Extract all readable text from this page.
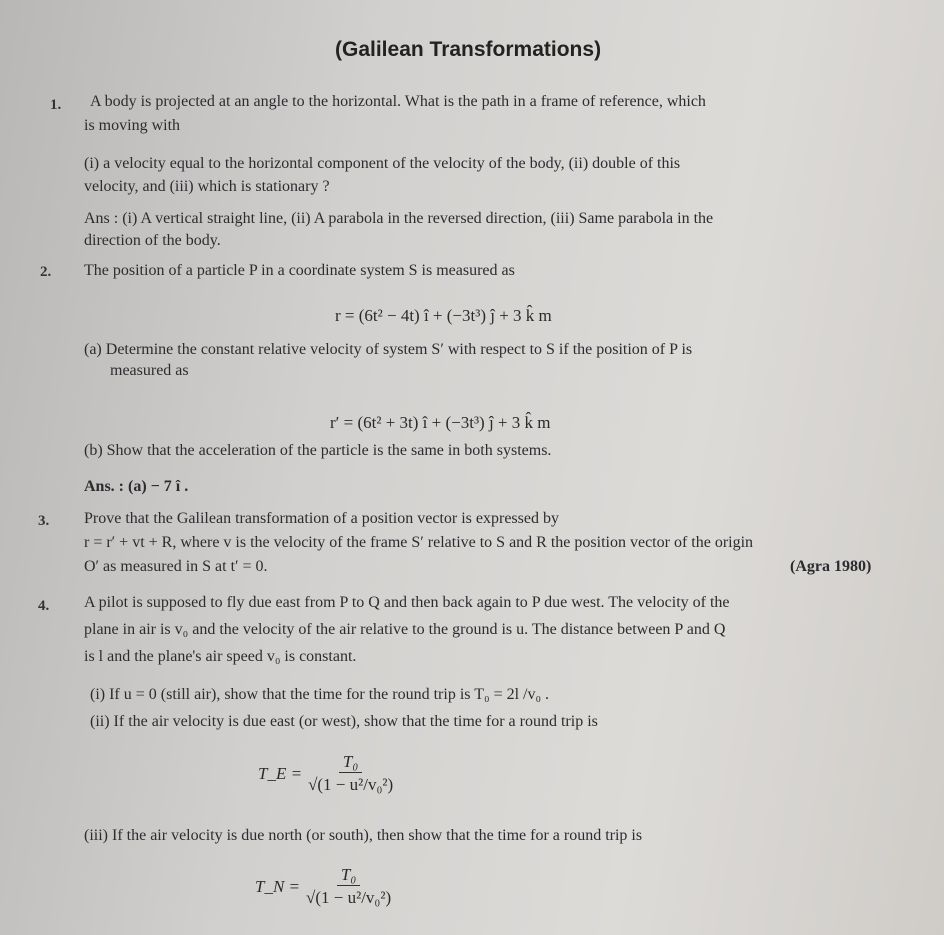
(Galilean Transformations)
1. A body is projected at an angle to the horizontal. What is the path in a frame of reference, which
is moving with
(i) a velocity equal to the horizontal component of the velocity of the body, (ii) double of this
velocity, and (iii) which is stationary ?
Ans : (i) A vertical straight line, (ii) A parabola in the reversed direction, (iii) Same parabola in the
direction of the body.
2. The position of a particle P in a coordinate system S is measured as
r = (6t² − 4t) î + (−3t³) ĵ + 3 k̂ m
(a) Determine the constant relative velocity of system S′ with respect to S if the position of P is
measured as
r′ = (6t² + 3t) î + (−3t³) ĵ + 3 k̂ m
(b) Show that the acceleration of the particle is the same in both systems.
Ans. : (a) − 7 î .
3. Prove that the Galilean transformation of a position vector is expressed by
r = r′ + vt + R, where v is the velocity of the frame S′ relative to S and R the position vector of the origin
O′ as measured in S at t′ = 0.	(Agra 1980)
4. A pilot is supposed to fly due east from P to Q and then back again to P due west. The velocity of the
plane in air is v₀ and the velocity of the air relative to the ground is u. The distance between P and Q
is l and the plane's air speed v₀ is constant.
(i) If u = 0 (still air), show that the time for the round trip is T₀ = 2l /v₀ .
(ii) If the air velocity is due east (or west), show that the time for a round trip is
T_E = $\frac{\text{T₀}}{\text{√(1 − u²/v₀²)}}$
(iii) If the air velocity is due north (or south), then show that the time for a round trip is
T_N = $\frac{\text{T₀}}{\text{√(1 − u²/v₀²)}}$
